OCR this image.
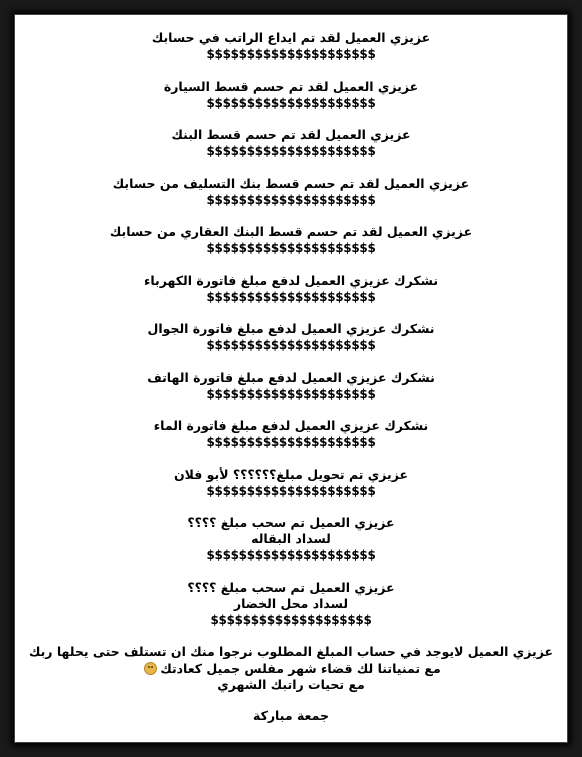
عزيزي العميل لقد تم ايداع الراتب في حسابك
$$$$$$$$$$$$$$$$$$$$$
عزيزي العميل لقد تم حسم قسط السيارة
$$$$$$$$$$$$$$$$$$$$$
عزيزي العميل لقد تم حسم قسط البنك
$$$$$$$$$$$$$$$$$$$$$
عزيزي العميل لقد تم حسم قسط بنك التسليف من حسابك
$$$$$$$$$$$$$$$$$$$$$
عزيزي العميل لقد تم حسم قسط البنك العقاري من حسابك
$$$$$$$$$$$$$$$$$$$$$
نشكرك عزيزي العميل لدفع مبلغ فاتورة الكهرباء
$$$$$$$$$$$$$$$$$$$$$
نشكرك عزيزي العميل لدفع مبلغ فاتورة الجوال
$$$$$$$$$$$$$$$$$$$$$
نشكرك عزيزي العميل لدفع مبلغ فاتورة الهاتف
$$$$$$$$$$$$$$$$$$$$$
نشكرك عزيزي العميل لدفع مبلغ فاتورة الماء
$$$$$$$$$$$$$$$$$$$$$
عزيزي تم تحويل مبلغ؟؟؟؟؟؟ لأبو فلان
$$$$$$$$$$$$$$$$$$$$$
عزيزي العميل تم سحب مبلغ ؟؟؟؟
لسداد البقاله
$$$$$$$$$$$$$$$$$$$$$
عزيزي العميل تم سحب مبلغ ؟؟؟؟
لسداد محل الخضار
$$$$$$$$$$$$$$$$$$$$
عزيزي العميل لايوجد في حساب المبلغ المطلوب نرجوا منك ان تستلف حتى يحلها ربك
مع تمنياتنا لك قضاء شهر مفلس جميل كعادتك
مع تحيات راتبك الشهري
جمعة مباركة
